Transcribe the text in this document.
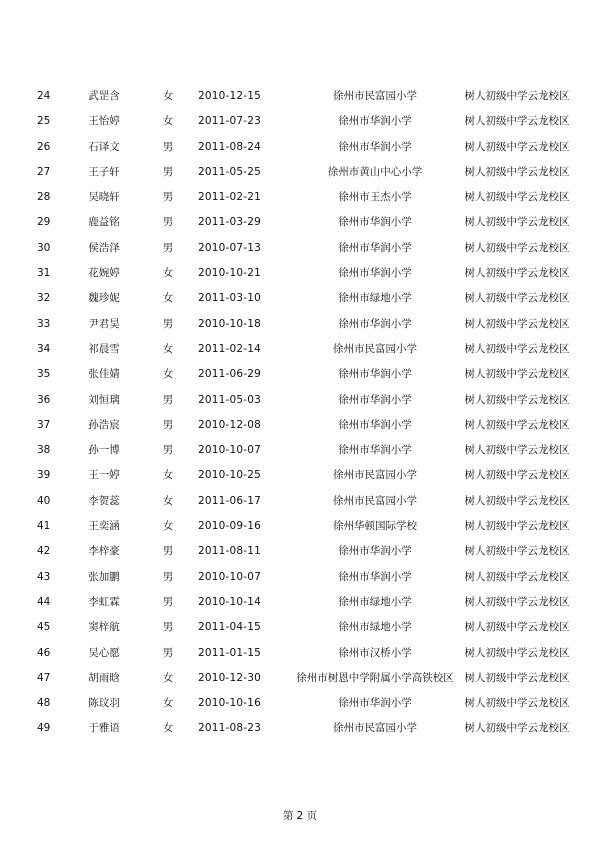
24	武罡含	女	2010-12-15	徐州市民富园小学	树人初级中学云龙校区
25	王怡婷	女	2011-07-23	徐州市华润小学	树人初级中学云龙校区
26	石译文	男	2011-08-24	徐州市华润小学	树人初级中学云龙校区
27	王子轩	男	2011-05-25	徐州市黄山中心小学	树人初级中学云龙校区
28	吴晓轩	男	2011-02-21	徐州市王杰小学	树人初级中学云龙校区
29	鹿益铭	男	2011-03-29	徐州市华润小学	树人初级中学云龙校区
30	侯浩泽	男	2010-07-13	徐州市华润小学	树人初级中学云龙校区
31	花婉婷	女	2010-10-21	徐州市华润小学	树人初级中学云龙校区
32	魏珍妮	女	2011-03-10	徐州市绿地小学	树人初级中学云龙校区
33	尹君昊	男	2010-10-18	徐州市华润小学	树人初级中学云龙校区
34	祁晨雪	女	2011-02-14	徐州市民富园小学	树人初级中学云龙校区
35	张佳婧	女	2011-06-29	徐州市华润小学	树人初级中学云龙校区
36	刘恒璃	男	2011-05-03	徐州市华润小学	树人初级中学云龙校区
37	孙浩宸	男	2010-12-08	徐州市华润小学	树人初级中学云龙校区
38	孙一博	男	2010-10-07	徐州市华润小学	树人初级中学云龙校区
39	王一婷	女	2010-10-25	徐州市民富园小学	树人初级中学云龙校区
40	李贺蕊	女	2011-06-17	徐州市民富园小学	树人初级中学云龙校区
41	王奕涵	女	2010-09-16	徐州华顿国际学校	树人初级中学云龙校区
42	李梓豪	男	2011-08-11	徐州市华润小学	树人初级中学云龙校区
43	张加鹏	男	2010-10-07	徐州市华润小学	树人初级中学云龙校区
44	李虹霖	男	2010-10-14	徐州市绿地小学	树人初级中学云龙校区
45	窦梓航	男	2011-04-15	徐州市绿地小学	树人初级中学云龙校区
46	吴心愿	男	2011-01-15	徐州市汉桥小学	树人初级中学云龙校区
47	胡雨晗	女	2010-12-30	徐州市树恩中学附属小学高铁校区	树人初级中学云龙校区
48	陈玟羽	女	2010-10-16	徐州市华润小学	树人初级中学云龙校区
49	于雅语	女	2011-08-23	徐州市民富园小学	树人初级中学云龙校区
第 2 页
